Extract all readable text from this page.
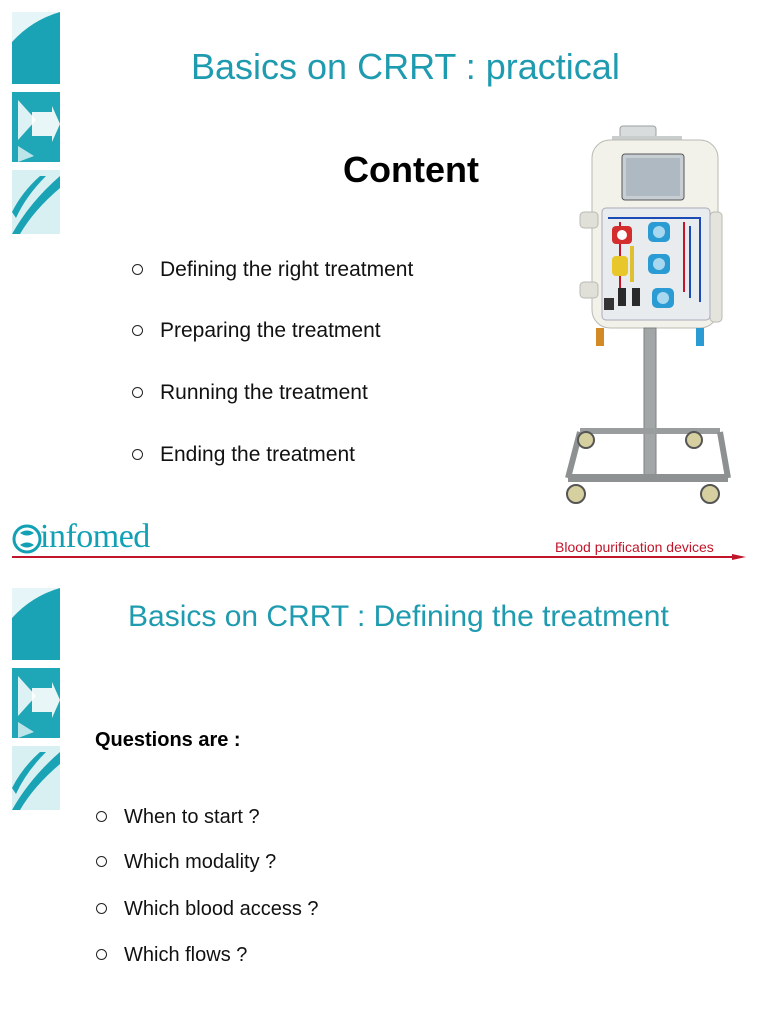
Basics on CRRT : practical
Content
Defining the right treatment
Preparing the treatment
Running the treatment
Ending the treatment
infomed	Blood purification devices
Basics on CRRT : Defining the treatment
Questions are :
When to start ?
Which modality ?
Which blood access ?
Which flows ?
